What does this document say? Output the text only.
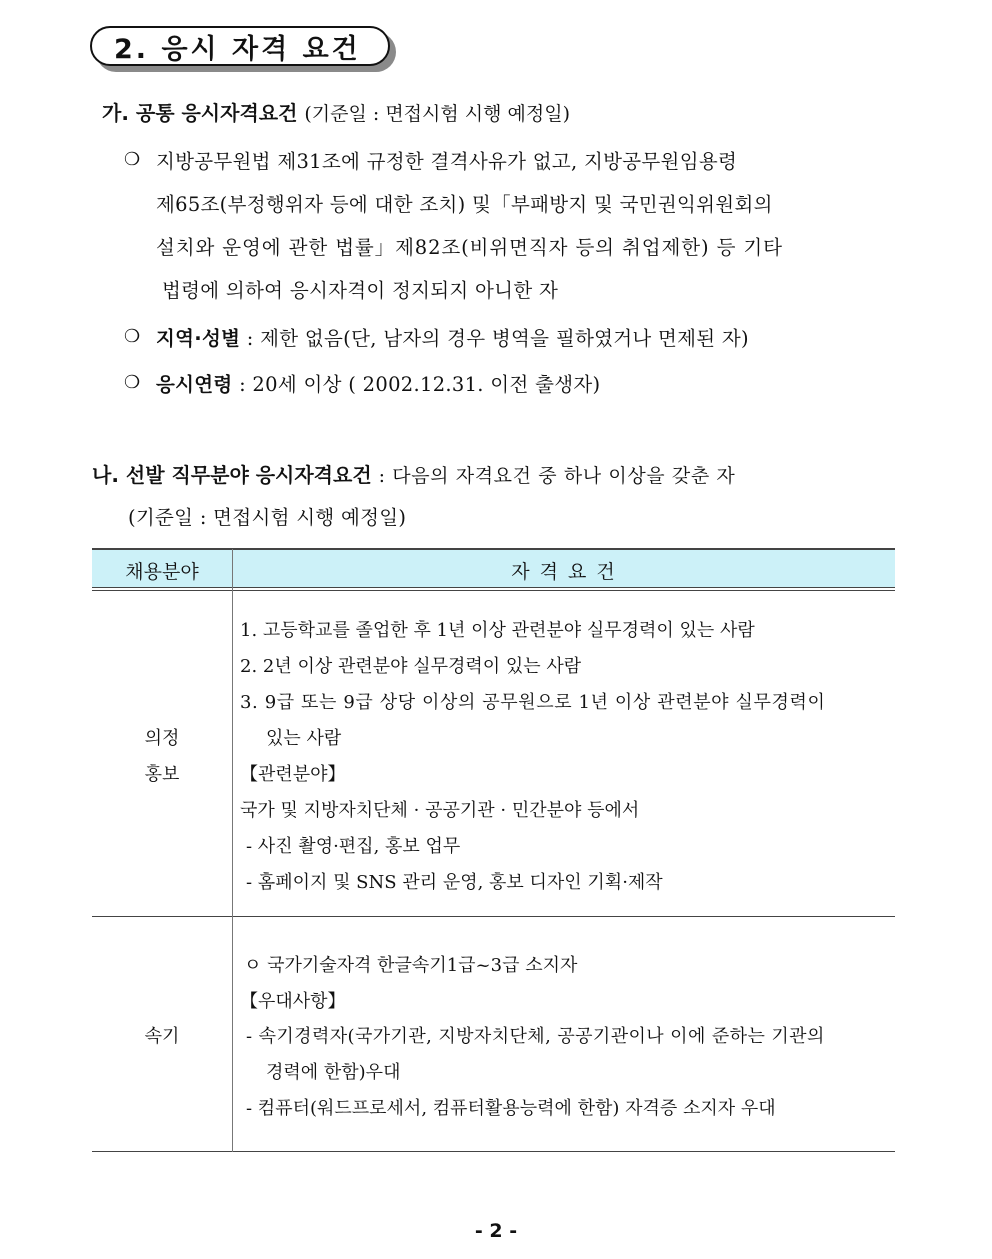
2. 응시 자격 요건
가. 공통 응시자격요건 (기준일 : 면접시험 시행 예정일)
❍ 지방공무원법 제31조에 규정한 결격사유가 없고, 지방공무원임용령
제65조(부정행위자 등에 대한 조치) 및「부패방지 및 국민권익위원회의
설치와 운영에 관한 법률」제82조(비위면직자 등의 취업제한) 등 기타
법령에 의하여 응시자격이 정지되지 아니한 자
❍ 지역·성별 : 제한 없음(단, 남자의 경우 병역을 필하였거나 면제된 자)
❍ 응시연령 : 20세 이상 ( 2002.12.31. 이전 출생자)
나. 선발 직무분야 응시자격요건 : 다음의 자격요건 중 하나 이상을 갖춘 자
(기준일 : 면접시험 시행 예정일)
채용분야	자 격 요 건
의정
홍보
1. 고등학교를 졸업한 후 1년 이상 관련분야 실무경력이 있는 사람
2. 2년 이상 관련분야 실무경력이 있는 사람
3. 9급 또는 9급 상당 이상의 공무원으로 1년 이상 관련분야 실무경력이
있는 사람
【관련분야】
국가 및 지방자치단체 · 공공기관 · 민간분야 등에서
- 사진 촬영·편집, 홍보 업무
- 홈페이지 및 SNS 관리 운영, 홍보 디자인 기획·제작
속기
ㅇ 국가기술자격 한글속기1급~3급 소지자
【우대사항】
- 속기경력자(국가기관, 지방자치단체, 공공기관이나 이에 준하는 기관의
경력에 한함)우대
- 컴퓨터(워드프로세서, 컴퓨터활용능력에 한함) 자격증 소지자 우대
- 2 -
